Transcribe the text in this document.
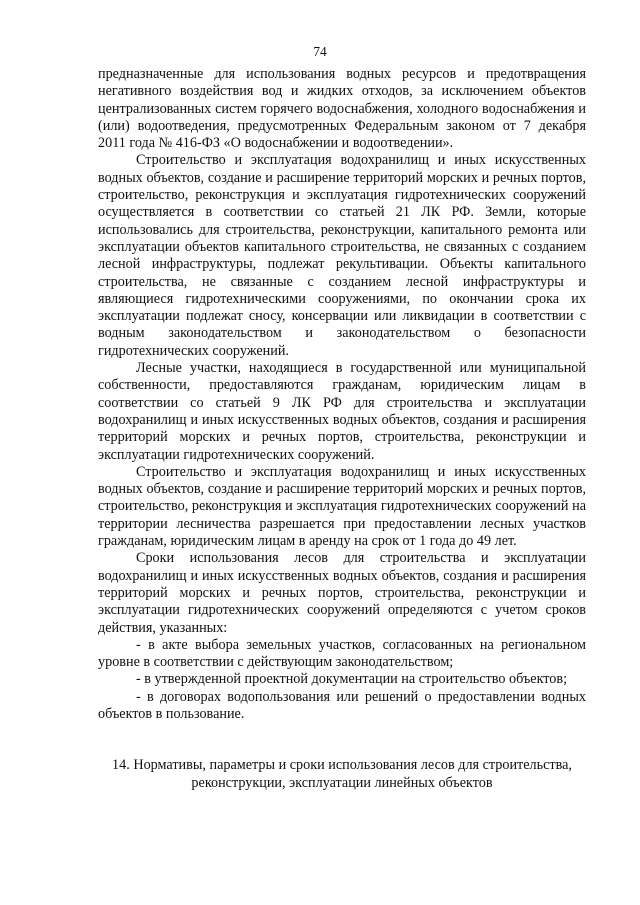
74

предназначенные для использования водных ресурсов и предотвращения негативного воздействия вод и жидких отходов, за исключением объектов централизованных систем горячего водоснабжения, холодного водоснабжения и (или) водоотведения, предусмотренных Федеральным законом от 7 декабря 2011 года № 416-ФЗ «О водоснабжении и водоотведении».

Строительство и эксплуатация водохранилищ и иных искусственных водных объектов, создание и расширение территорий морских и речных портов, строительство, реконструкция и эксплуатация гидротехнических сооружений осуществляется в соответствии со статьей 21 ЛК РФ. Земли, которые использовались для строительства, реконструкции, капитального ремонта или эксплуатации объектов капитального строительства, не связанных с созданием лесной инфраструктуры, подлежат рекультивации. Объекты капитального строительства, не связанные с созданием лесной инфраструктуры и являющиеся гидротехническими сооружениями, по окончании срока их эксплуатации подлежат сносу, консервации или ликвидации в соответствии с водным законодательством и законодательством о безопасности гидротехнических сооружений.

Лесные участки, находящиеся в государственной или муниципальной собственности, предоставляются гражданам, юридическим лицам в соответствии со статьей 9 ЛК РФ для строительства и эксплуатации водохранилищ и иных искусственных водных объектов, создания и расширения территорий морских и речных портов, строительства, реконструкции и эксплуатации гидротехнических сооружений.

Строительство и эксплуатация водохранилищ и иных искусственных водных объектов, создание и расширение территорий морских и речных портов, строительство, реконструкция и эксплуатация гидротехнических сооружений на территории лесничества разрешается при предоставлении лесных участков гражданам, юридическим лицам в аренду на срок от 1 года до 49 лет.

Сроки использования лесов для строительства и эксплуатации водохранилищ и иных искусственных водных объектов, создания и расширения территорий морских и речных портов, строительства, реконструкции и эксплуатации гидротехнических сооружений определяются с учетом сроков действия, указанных:

- в акте выбора земельных участков, согласованных на региональном уровне в соответствии с действующим законодательством;

- в утвержденной проектной документации на строительство объектов;

- в договорах водопользования или решений о предоставлении водных объектов в пользование.

14. Нормативы, параметры и сроки использования лесов для строительства,
реконструкции, эксплуатации линейных объектов
